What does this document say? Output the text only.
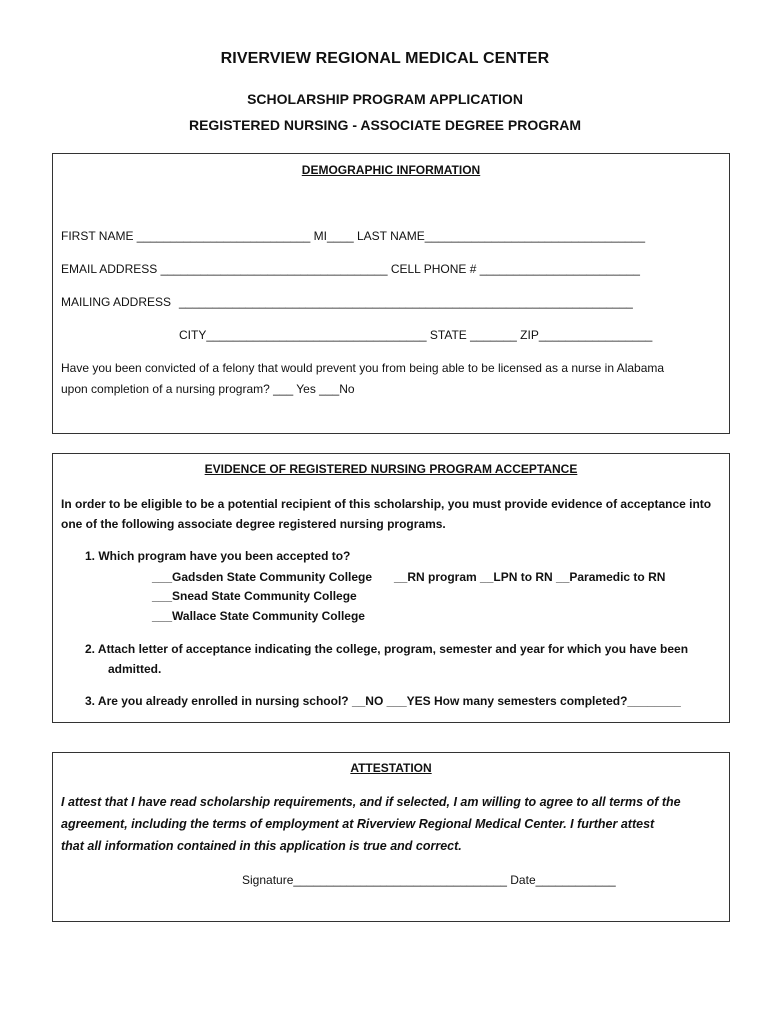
RIVERVIEW REGIONAL MEDICAL CENTER
SCHOLARSHIP PROGRAM APPLICATION
REGISTERED NURSING - ASSOCIATE DEGREE PROGRAM
DEMOGRAPHIC INFORMATION
FIRST NAME __________________________ MI____ LAST NAME_________________________________
EMAIL ADDRESS __________________________________ CELL PHONE # ________________________
MAILING ADDRESS ____________________________________________________________________
CITY_________________________________ STATE _______ ZIP_________________
Have you been convicted of a felony that would prevent you from being able to be licensed as a nurse in Alabama
upon completion of a nursing program? ___ Yes ___No
EVIDENCE OF REGISTERED NURSING PROGRAM ACCEPTANCE
In order to be eligible to be a potential recipient of this scholarship, you must provide evidence of acceptance into
one of the following associate degree registered nursing programs.
1. Which program have you been accepted to?
___Gadsden State Community College __RN program __LPN to RN __Paramedic to RN
___Snead State Community College
___Wallace State Community College
2. Attach letter of acceptance indicating the college, program, semester and year for which you have been
admitted.
3. Are you already enrolled in nursing school? __NO ___YES How many semesters completed?________
ATTESTATION
I attest that I have read scholarship requirements, and if selected, I am willing to agree to all terms of the
agreement, including the terms of employment at Riverview Regional Medical Center. I further attest
that all information contained in this application is true and correct.
Signature________________________________ Date____________
